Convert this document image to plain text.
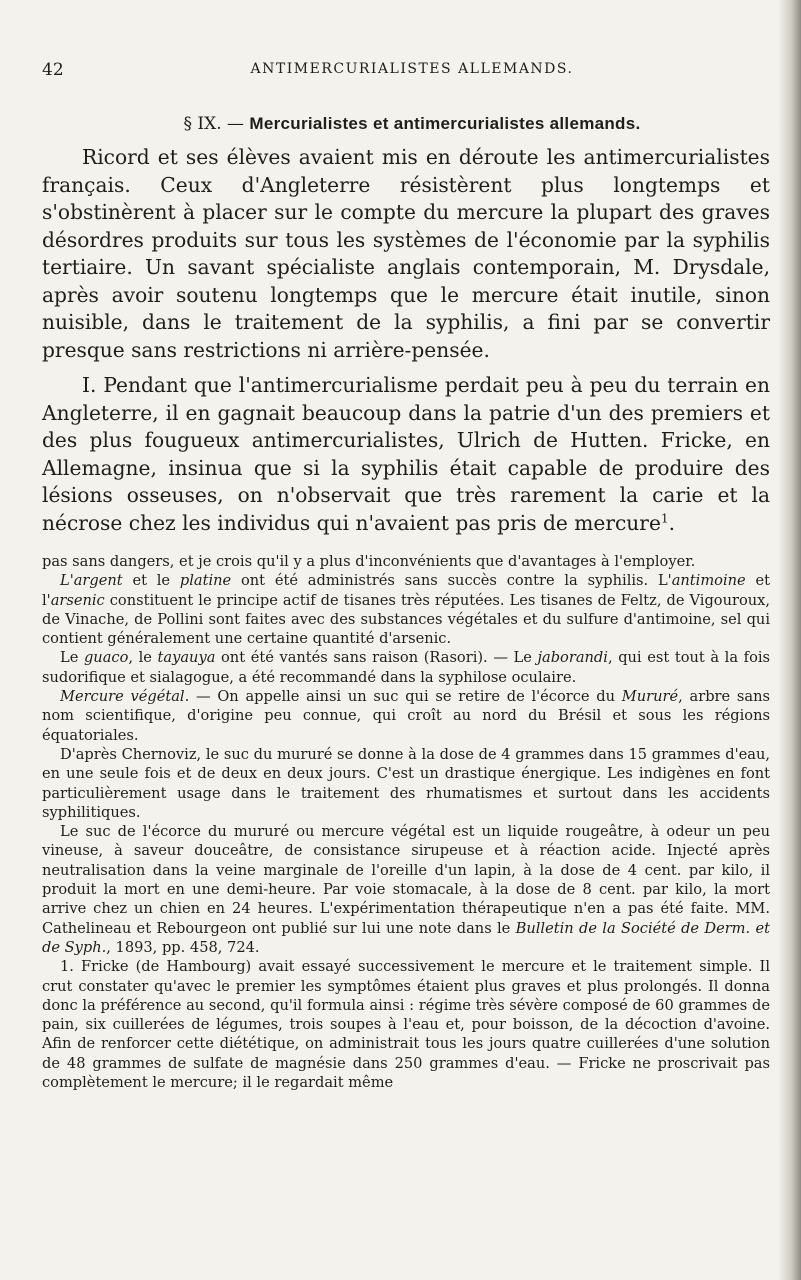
42	ANTIMERCURIALISTES ALLEMANDS.
§ IX. — Mercurialistes et antimercurialistes allemands.

Ricord et ses élèves avaient mis en déroute les antimercurialistes français. Ceux d'Angleterre résistèrent plus longtemps et s'obstinèrent à placer sur le compte du mercure la plupart des graves désordres produits sur tous les systèmes de l'économie par la syphilis tertiaire. Un savant spécialiste anglais contemporain, M. Drysdale, après avoir soutenu longtemps que le mercure était inutile, sinon nuisible, dans le traitement de la syphilis, a fini par se convertir presque sans restrictions ni arrière-pensée.

I. Pendant que l'antimercurialisme perdait peu à peu du terrain en Angleterre, il en gagnait beaucoup dans la patrie d'un des premiers et des plus fougueux antimercurialistes, Ulrich de Hutten. Fricke, en Allemagne, insinua que si la syphilis était capable de produire des lésions osseuses, on n'observait que très rarement la carie et la nécrose chez les individus qui n'avaient pas pris de mercure$^1$.

pas sans dangers, et je crois qu'il y a plus d'inconvénients que d'avantages à l'employer.

L'argent et le platine ont été administrés sans succès contre la syphilis. L'antimoine et l'arsenic constituent le principe actif de tisanes très réputées. Les tisanes de Feltz, de Vigouroux, de Vinache, de Pollini sont faites avec des substances végétales et du sulfure d'antimoine, sel qui contient généralement une certaine quantité d'arsenic.

Le guaco, le tayauya ont été vantés sans raison (Rasori). — Le jaborandi, qui est tout à la fois sudorifique et sialagogue, a été recommandé dans la syphilose oculaire.

Mercure végétal. — On appelle ainsi un suc qui se retire de l'écorce du Mururé, arbre sans nom scientifique, d'origine peu connue, qui croît au nord du Brésil et sous les régions équatoriales.

D'après Chernoviz, le suc du mururé se donne à la dose de 4 grammes dans 15 grammes d'eau, en une seule fois et de deux en deux jours. C'est un drastique énergique. Les indigènes en font particulièrement usage dans le traitement des rhumatismes et surtout dans les accidents syphilitiques.

Le suc de l'écorce du mururé ou mercure végétal est un liquide rougeâtre, à odeur un peu vineuse, à saveur douceâtre, de consistance sirupeuse et à réaction acide. Injecté après neutralisation dans la veine marginale de l'oreille d'un lapin, à la dose de 4 cent. par kilo, il produit la mort en une demi-heure. Par voie stomacale, à la dose de 8 cent. par kilo, la mort arrive chez un chien en 24 heures. L'expérimentation thérapeutique n'en a pas été faite. MM. Cathelineau et Rebourgeon ont publié sur lui une note dans le Bulletin de la Société de Derm. et de Syph., 1893, pp. 458, 724.

1. Fricke (de Hambourg) avait essayé successivement le mercure et le traitement simple. Il crut constater qu'avec le premier les symptômes étaient plus graves et plus prolongés. Il donna donc la préférence au second, qu'il formula ainsi : régime très sévère composé de 60 grammes de pain, six cuillerées de légumes, trois soupes à l'eau et, pour boisson, de la décoction d'avoine. Afin de renforcer cette diététique, on administrait tous les jours quatre cuillerées d'une solution de 48 grammes de sulfate de magnésie dans 250 grammes d'eau. — Fricke ne proscrivait pas complètement le mercure; il le regardait même
